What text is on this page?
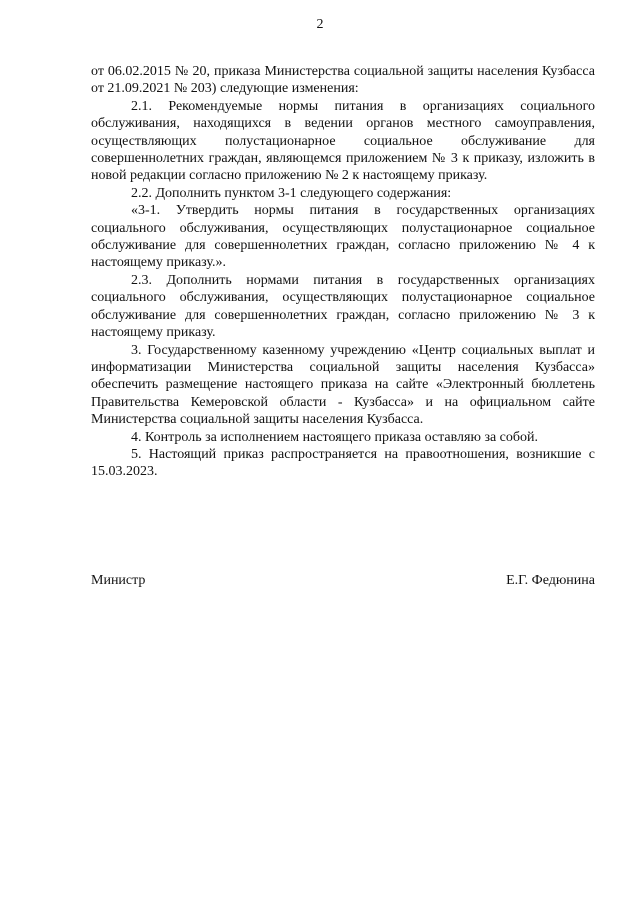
2

от 06.02.2015 № 20, приказа Министерства социальной защиты населения Кузбасса от 21.09.2021 № 203) следующие изменения:

2.1. Рекомендуемые нормы питания в организациях социального обслуживания, находящихся в ведении органов местного самоуправления, осуществляющих полустационарное социальное обслуживание для совершеннолетних граждан, являющемся приложением № 3 к приказу, изложить в новой редакции согласно приложению № 2 к настоящему приказу.

2.2. Дополнить пунктом 3-1 следующего содержания:

«3-1. Утвердить нормы питания в государственных организациях социального обслуживания, осуществляющих полустационарное социальное обслуживание для совершеннолетних граждан, согласно приложению № 4 к настоящему приказу.».

2.3. Дополнить нормами питания в государственных организациях социального обслуживания, осуществляющих полустационарное социальное обслуживание для совершеннолетних граждан, согласно приложению № 3 к настоящему приказу.

3. Государственному казенному учреждению «Центр социальных выплат и информатизации Министерства социальной защиты населения Кузбасса» обеспечить размещение настоящего приказа на сайте «Электронный бюллетень Правительства Кемеровской области - Кузбасса» и на официальном сайте Министерства социальной защиты населения Кузбасса.

4. Контроль за исполнением настоящего приказа оставляю за собой.

5. Настоящий приказ распространяется на правоотношения, возникшие с 15.03.2023.

Министр	Е.Г. Федюнина
